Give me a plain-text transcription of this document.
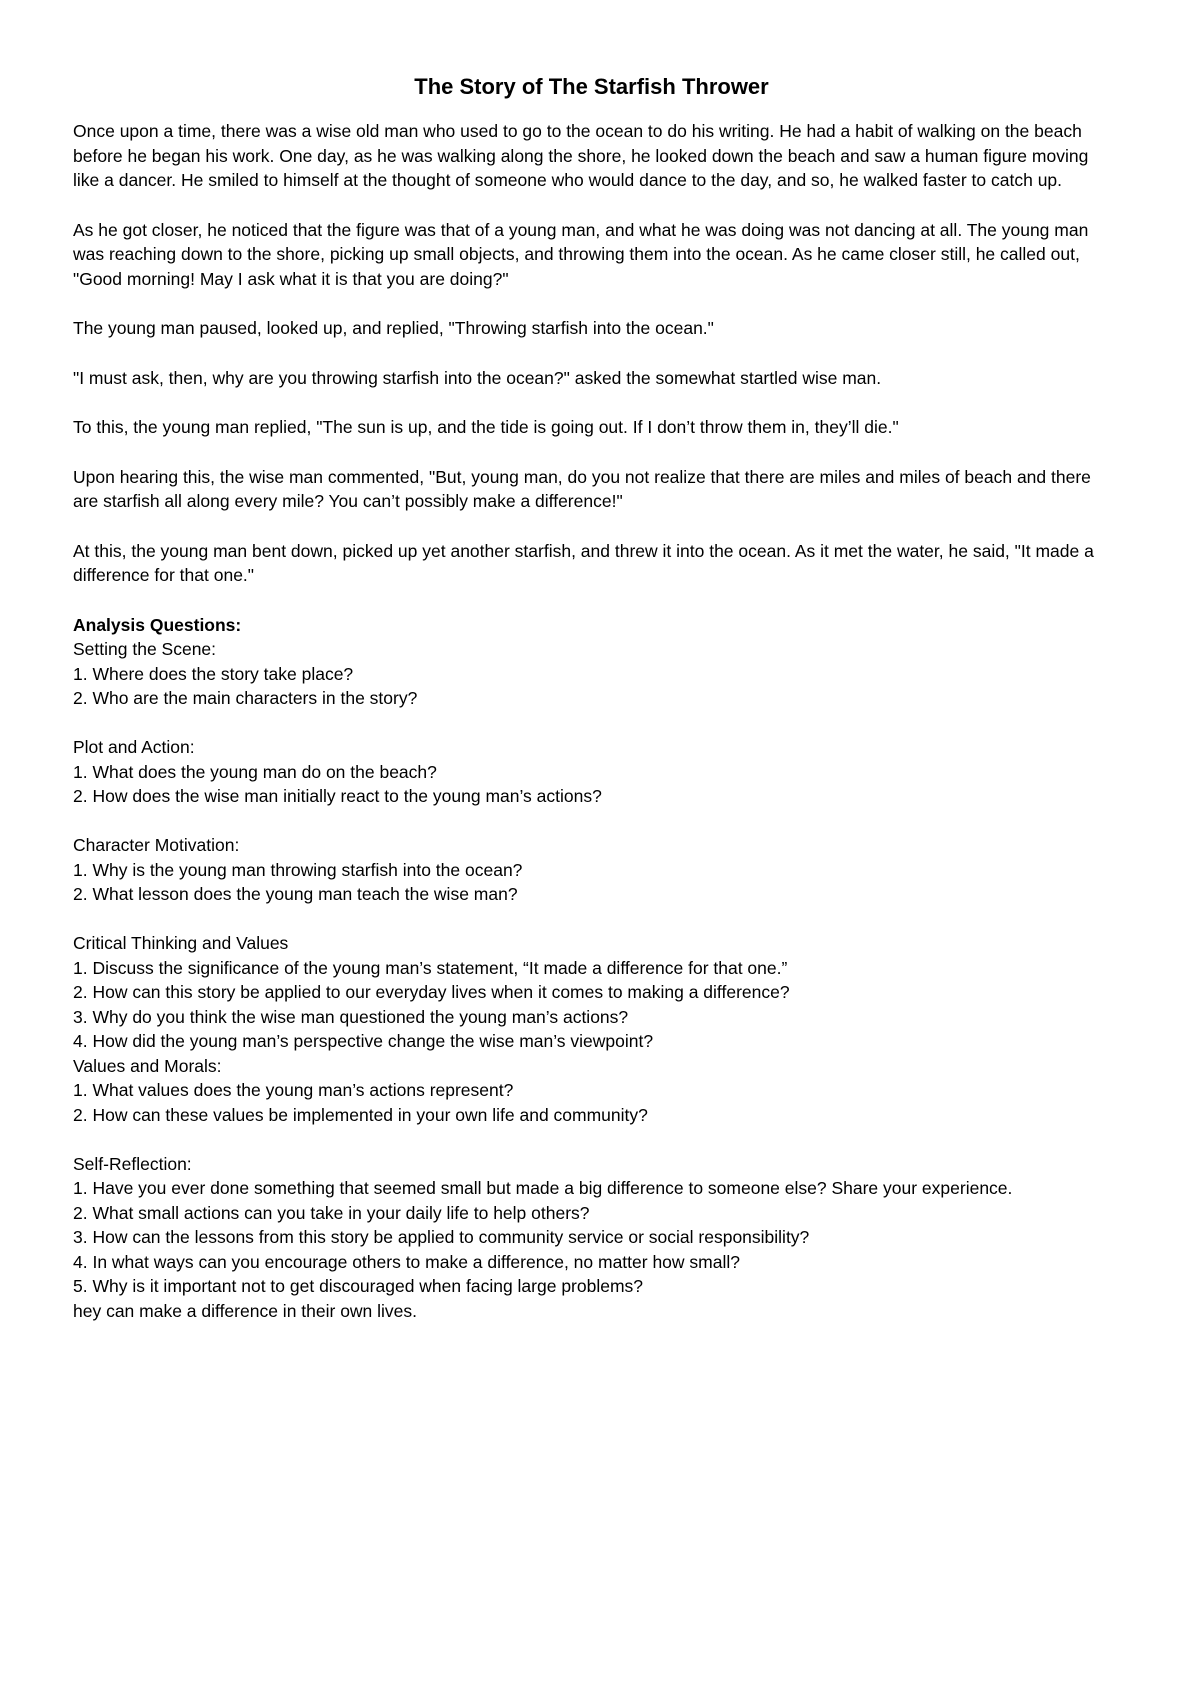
The Story of The Starfish Thrower

Once upon a time, there was a wise old man who used to go to the ocean to do his writing. He had a habit of walking on the beach before he began his work. One day, as he was walking along the shore, he looked down the beach and saw a human figure moving like a dancer. He smiled to himself at the thought of someone who would dance to the day, and so, he walked faster to catch up.

As he got closer, he noticed that the figure was that of a young man, and what he was doing was not dancing at all. The young man was reaching down to the shore, picking up small objects, and throwing them into the ocean. As he came closer still, he called out, "Good morning! May I ask what it is that you are doing?"

The young man paused, looked up, and replied, "Throwing starfish into the ocean."

"I must ask, then, why are you throwing starfish into the ocean?" asked the somewhat startled wise man.

To this, the young man replied, "The sun is up, and the tide is going out. If I don’t throw them in, they’ll die."

Upon hearing this, the wise man commented, "But, young man, do you not realize that there are miles and miles of beach and there are starfish all along every mile? You can’t possibly make a difference!"

At this, the young man bent down, picked up yet another starfish, and threw it into the ocean. As it met the water, he said, "It made a difference for that one."

Analysis Questions:

Setting the Scene:

1. Where does the story take place?
2. Who are the main characters in the story?

Plot and Action:

1. What does the young man do on the beach?
2. How does the wise man initially react to the young man’s actions?

Character Motivation:

1. Why is the young man throwing starfish into the ocean?
2. What lesson does the young man teach the wise man?

Critical Thinking and Values

1. Discuss the significance of the young man’s statement, “It made a difference for that one.”
2. How can this story be applied to our everyday lives when it comes to making a difference?
3. Why do you think the wise man questioned the young man’s actions?
4. How did the young man’s perspective change the wise man’s viewpoint?

Values and Morals:

1. What values does the young man’s actions represent?
2. How can these values be implemented in your own life and community?

Self-Reflection:

1. Have you ever done something that seemed small but made a big difference to someone else? Share your experience.
2. What small actions can you take in your daily life to help others?
3. How can the lessons from this story be applied to community service or social responsibility?
4. In what ways can you encourage others to make a difference, no matter how small?
5. Why is it important not to get discouraged when facing large problems?

hey can make a difference in their own lives.
